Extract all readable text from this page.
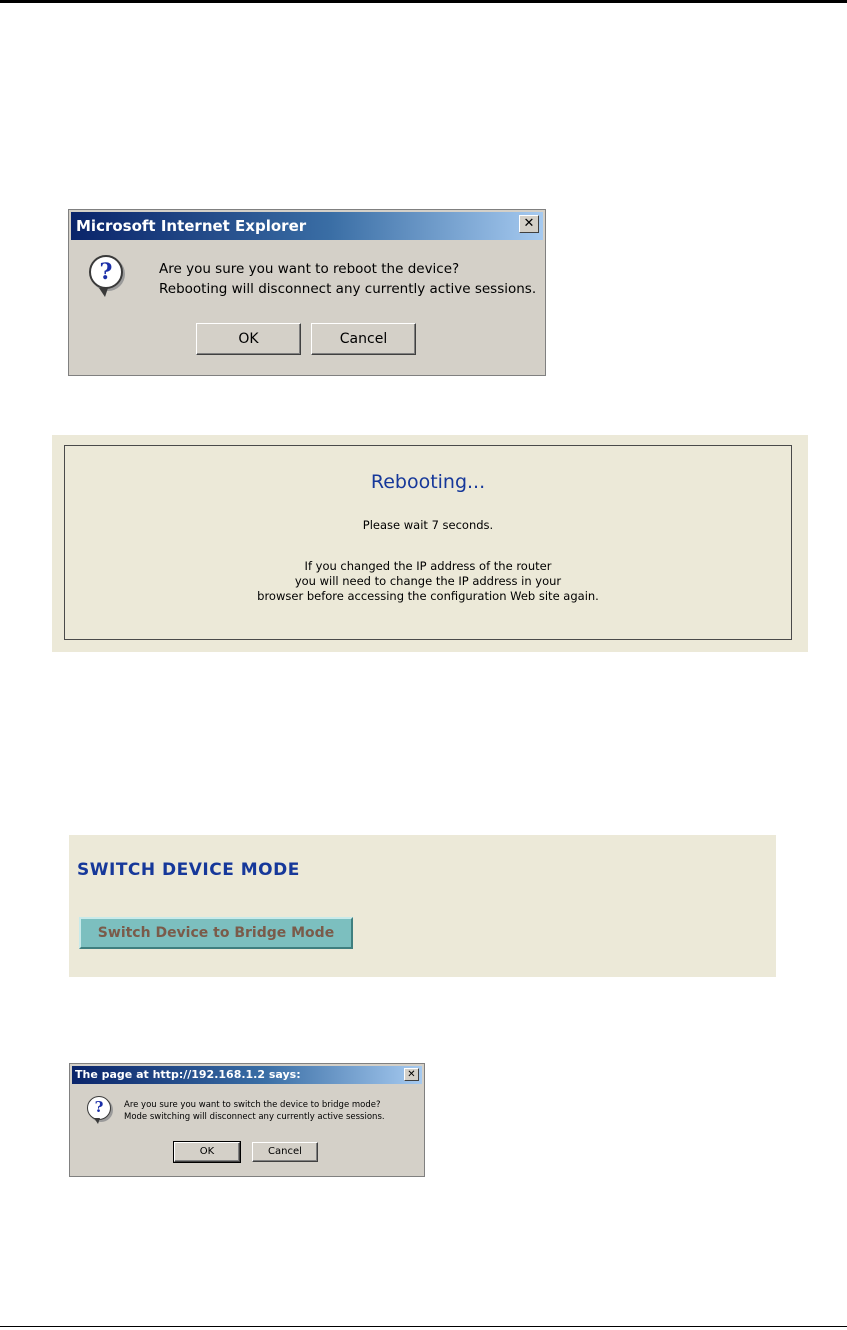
Microsoft Internet Explorer	✕
?	Are you sure you want to reboot the device?
Rebooting will disconnect any currently active sessions.
OK	Cancel
Rebooting...
Please wait 7 seconds.
If you changed the IP address of the router
you will need to change the IP address in your
browser before accessing the configuration Web site again.
SWITCH DEVICE MODE
Switch Device to Bridge Mode
The page at http://192.168.1.2 says:	✕
?	Are you sure you want to switch the device to bridge mode?
Mode switching will disconnect any currently active sessions.
OK	Cancel
